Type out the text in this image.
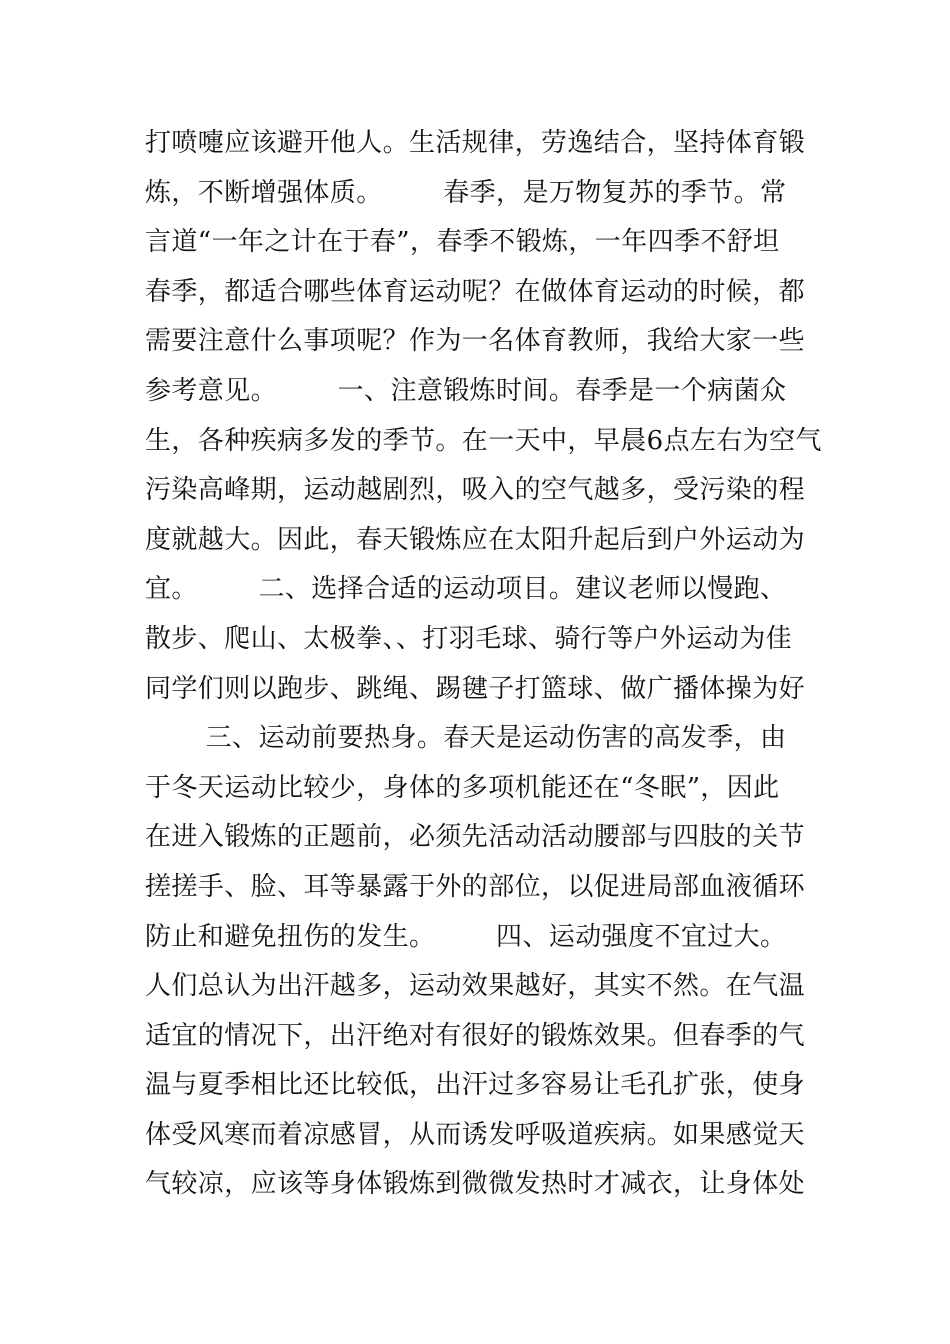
打喷嚏应该避开他人。生活规律，劳逸结合，坚持体育锻
炼，不断增强体质。       春季，是万物复苏的季节。常
言道“一年之计在于春”，春季不锻炼，一年四季不舒坦
春季，都适合哪些体育运动呢？在做体育运动的时候，都
需要注意什么事项呢？作为一名体育教师，我给大家一些
参考意见。       一、注意锻炼时间。春季是一个病菌众
生，各种疾病多发的季节。在一天中，早晨6点左右为空气
污染高峰期，运动越剧烈，吸入的空气越多，受污染的程
度就越大。因此，春天锻炼应在太阳升起后到户外运动为
宜。       二、选择合适的运动项目。建议老师以慢跑、
散步、爬山、太极拳、、打羽毛球、骑行等户外运动为佳
同学们则以跑步、跳绳、踢毽子打篮球、做广播体操为好
三、运动前要热身。春天是运动伤害的高发季，由
于冬天运动比较少，身体的多项机能还在“冬眠”，因此
在进入锻炼的正题前，必须先活动活动腰部与四肢的关节
搓搓手、脸、耳等暴露于外的部位，以促进局部血液循环
防止和避免扭伤的发生。       四、运动强度不宜过大。
人们总认为出汗越多，运动效果越好，其实不然。在气温
适宜的情况下，出汗绝对有很好的锻炼效果。但春季的气
温与夏季相比还比较低，出汗过多容易让毛孔扩张，使身
体受风寒而着凉感冒，从而诱发呼吸道疾病。如果感觉天
气较凉，应该等身体锻炼到微微发热时才减衣，让身体处
